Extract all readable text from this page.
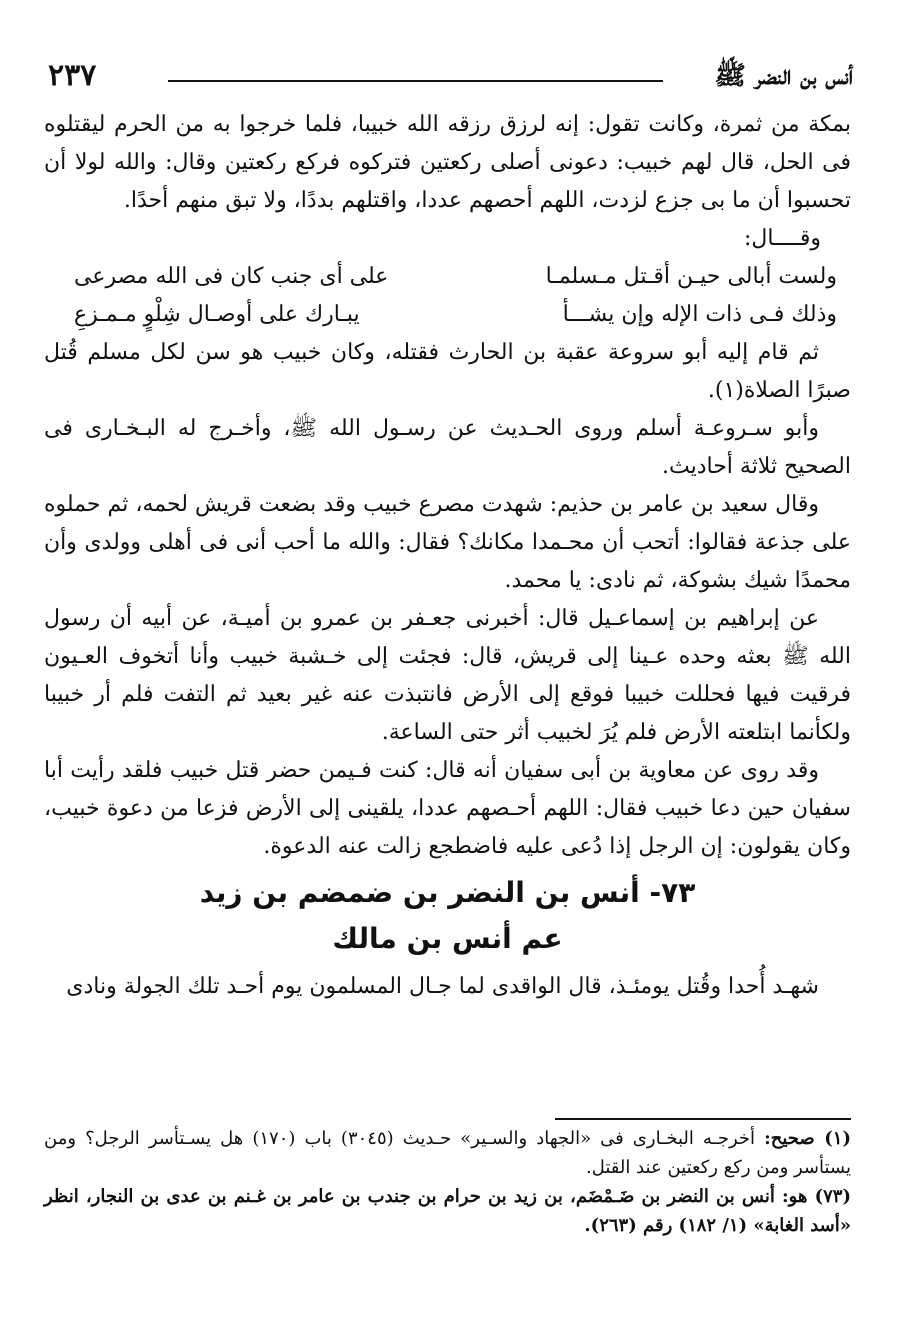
٢٣٧	أنس بن النضر ﷺ

بمكة من ثمرة، وكانت تقول: إنه لرزق رزقه الله خبيبا، فلما خرجوا به من الحرم ليقتلوه فى الحل، قال لهم خبيب: دعونى أصلى ركعتين فتركوه فركع ركعتين وقال: والله لولا أن تحسبوا أن ما بى جزع لزدت، اللهم أحصهم عددا، واقتلهم بددًا، ولا تبق منهم أحدًا.

وقــــال:

ولست أبالى حيـن أقـتل مـسلمـا
على أى جنب كان فى الله مصرعى
وذلك فـى ذات الإله وإن يشـــأ
يبـارك على أوصـال شِلْوٍ مـمـزعِ

ثم قام إليه أبو سروعة عقبة بن الحارث فقتله، وكان خبيب هو سن لكل مسلم قُتل صبرًا الصلاة(١).

وأبو سـروعـة أسلم وروى الحـديث عن رسـول الله ﷺ، وأخـرج له البـخـارى فى الصحيح ثلاثة أحاديث.

وقال سعيد بن عامر بن حذيم: شهدت مصرع خبيب وقد بضعت قريش لحمه، ثم حملوه على جذعة فقالوا: أتحب أن محـمدا مكانك؟ فقال: والله ما أحب أنى فى أهلى وولدى وأن محمدًا شيك بشوكة، ثم نادى: يا محمد.

عن إبراهيم بن إسماعـيل قال: أخبرنى جعـفر بن عمرو بن أميـة، عن أبيه أن رسول الله ﷺ بعثه وحده عـينا إلى قريش، قال: فجئت إلى خـشبة خبيب وأنا أتخوف العـيون فرقيت فيها فحللت خبيبا فوقع إلى الأرض فانتبذت عنه غير بعيد ثم التفت فلم أر خبيبا ولكأنما ابتلعته الأرض فلم يُرَ لخبيب أثر حتى الساعة.

وقد روى عن معاوية بن أبى سفيان أنه قال: كنت فـيمن حضر قتل خبيب فلقد رأيت أبا سفيان حين دعا خبيب فقال: اللهم أحـصهم عددا، يلقينى إلى الأرض فزعا من دعوة خبيب، وكان يقولون: إن الرجل إذا دُعى عليه فاضطجع زالت عنه الدعوة.

٧٣- أنس بن النضر بن ضمضم بن زيد
عم أنس بن مالك

شهـد أُحدا وقُتل يومئـذ، قال الواقدى لما جـال المسلمون يوم أحـد تلك الجولة ونادى

(١) صحيح: أخرجـه البخـارى فى «الجهاد والسـير» حـديث (٣٠٤٥) باب (١٧٠) هل يسـتأسر الرجل؟ ومن يستأسر ومن ركع ركعتين عند القتل.

(٧٣) هو: أنس بن النضر بن ضَـمْضَم، بن زيد بن حرام بن جندب بن عامر بن غـنم بن عدى بن النجار، انظر «أسد الغابة» (١/ ١٨٢) رقم (٢٦٣).
